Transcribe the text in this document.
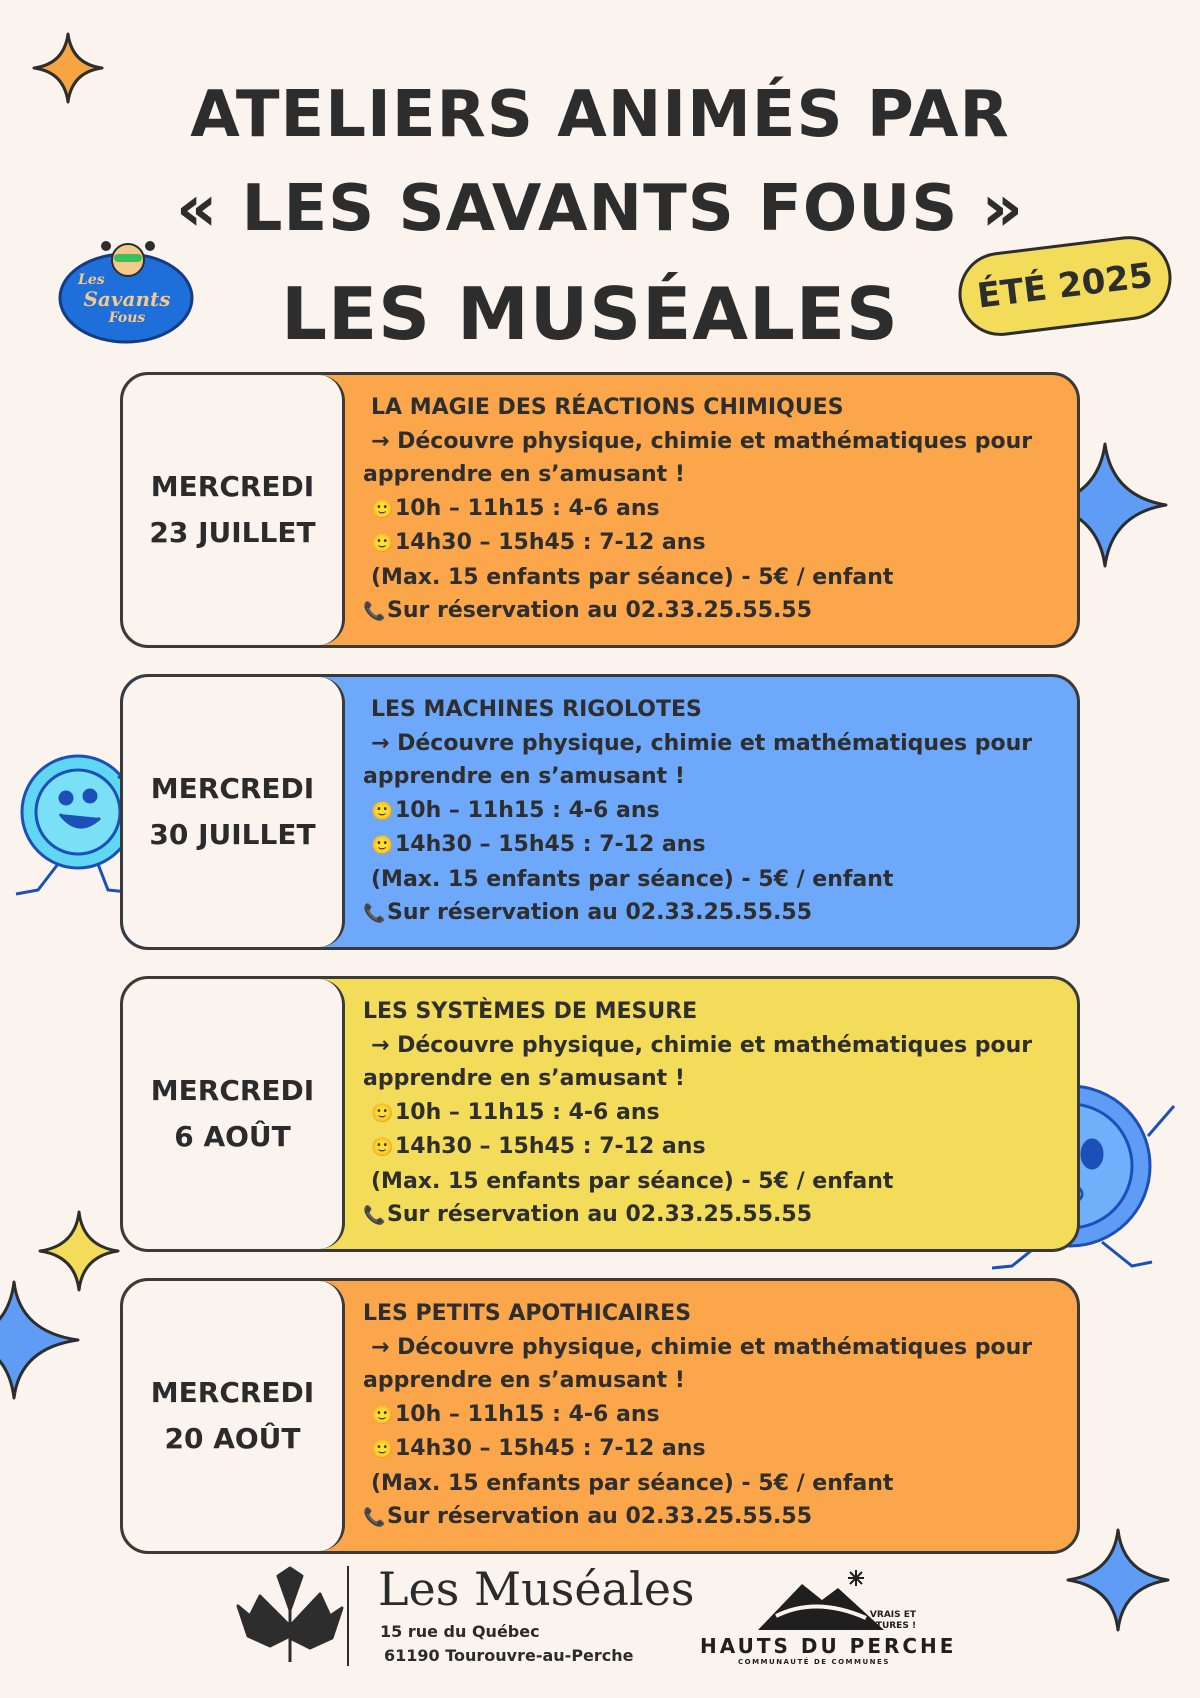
Les
Savants
Fous
ATELIERS ANIMÉS PAR
« LES SAVANTS FOUS »
LES MUSÉALES	ÉTÉ 2025
MERCREDI
23 JUILLET
LA MAGIE DES RÉACTIONS CHIMIQUES
→ Découvre physique, chimie et mathématiques pour
apprendre en s’amusant !
🙂10h – 11h15 : 4-6 ans
🙂14h30 – 15h45 : 7-12 ans
(Max. 15 enfants par séance) - 5€ / enfant
📞Sur réservation au 02.33.25.55.55
MERCREDI
30 JUILLET
LES MACHINES RIGOLOTES
→ Découvre physique, chimie et mathématiques pour
apprendre en s’amusant !
🙂10h – 11h15 : 4-6 ans
🙂14h30 – 15h45 : 7-12 ans
(Max. 15 enfants par séance) - 5€ / enfant
📞Sur réservation au 02.33.25.55.55
MERCREDI
6 AOÛT
LES SYSTÈMES DE MESURE
→ Découvre physique, chimie et mathématiques pour
apprendre en s’amusant !
🙂10h – 11h15 : 4-6 ans
🙂14h30 – 15h45 : 7-12 ans
(Max. 15 enfants par séance) - 5€ / enfant
📞Sur réservation au 02.33.25.55.55
MERCREDI
20 AOÛT
LES PETITS APOTHICAIRES
→ Découvre physique, chimie et mathématiques pour
apprendre en s’amusant !
🙂10h – 11h15 : 4-6 ans
🙂14h30 – 15h45 : 7-12 ans
(Max. 15 enfants par séance) - 5€ / enfant
📞Sur réservation au 02.33.25.55.55
Les Muséales
15 rue du Québec
61190 Tourouvre-au-Perche
VRAIS ET
NATURES !
HAUTS DU PERCHE
COMMUNAUTÉ DE COMMUNES
